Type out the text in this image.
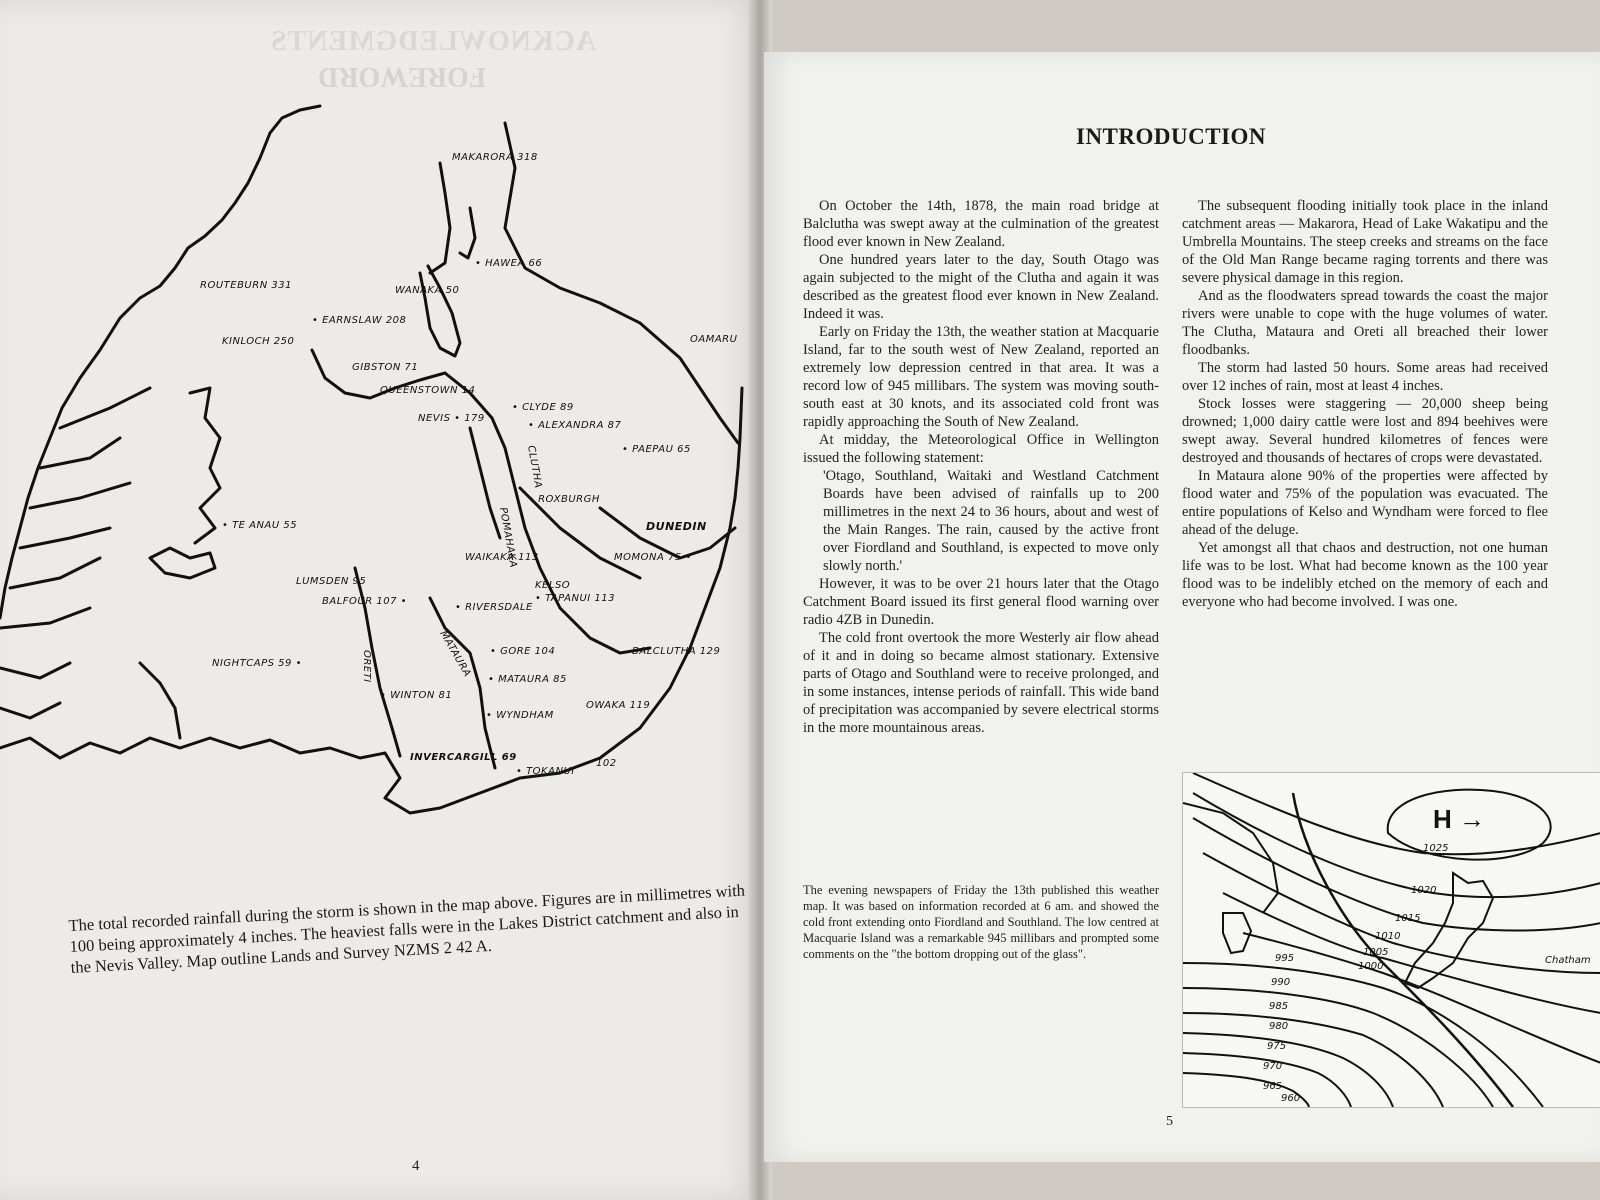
ACKNOWLEDGMENTS
FOREWORD
MAKARORA 318
• HAWEA 66
WANAKA 50
ROUTEBURN 331
• EARNSLAW 208
KINLOCH 250	OAMARU
GIBSTON 71
QUEENSTOWN 14
NEVIS • 179
• CLYDE 89
• ALEXANDRA 87
• PAEPAU 65
CLUTHA
• ROXBURGH
POMAHAKA
• TE ANAU 55	DUNEDIN
WAIKAKA 113	MOMONA 75 •
LUMSDEN 95	KELSO
• TAPANUI 113
BALFOUR 107 •
• RIVERSDALE
MATAURA • GORE 104	BALCLUTHA 129
NIGHTCAPS 59 •	ORETI	• MATAURA 85
• WINTON 81
OWAKA 119
• WYNDHAM
INVERCARGILL 69
• TOKANUI
102
The total recorded rainfall during the storm is shown in the map above. Figures are in millimetres with 100 being approximately 4 inches. The heaviest falls were in the Lakes District catchment and also in the Nevis Valley. Map outline Lands and Survey NZMS 2 42 A.
4
INTRODUCTION

On October the 14th, 1878, the main road bridge at Balclutha was swept away at the culmination of the greatest flood ever known in New Zealand.

One hundred years later to the day, South Otago was again subjected to the might of the Clutha and again it was described as the greatest flood ever known in New Zealand. Indeed it was.

Early on Friday the 13th, the weather station at Macquarie Island, far to the south west of New Zealand, reported an extremely low depression centred in that area. It was a record low of 945 millibars. The system was moving south-south east at 30 knots, and its associated cold front was rapidly approaching the South of New Zealand.

At midday, the Meteorological Office in Wellington issued the following statement:

'Otago, Southland, Waitaki and Westland Catchment Boards have been advised of rainfalls up to 200 millimetres in the next 24 to 36 hours, about and west of the Main Ranges. The rain, caused by the active front over Fiordland and Southland, is expected to move only slowly north.'

However, it was to be over 21 hours later that the Otago Catchment Board issued its first general flood warning over radio 4ZB in Dunedin.

The cold front overtook the more Westerly air flow ahead of it and in doing so became almost stationary. Extensive parts of Otago and Southland were to receive prolonged, and in some instances, intense periods of rainfall. This wide band of precipitation was accompanied by severe electrical storms in the more mountainous areas.

The subsequent flooding initially took place in the inland catchment areas — Makarora, Head of Lake Wakatipu and the Umbrella Mountains. The steep creeks and streams on the face of the Old Man Range became raging torrents and there was severe physical damage in this region.

And as the floodwaters spread towards the coast the major rivers were unable to cope with the huge volumes of water. The Clutha, Mataura and Oreti all breached their lower floodbanks.

The storm had lasted 50 hours. Some areas had received over 12 inches of rain, most at least 4 inches.

Stock losses were staggering — 20,000 sheep being drowned; 1,000 dairy cattle were lost and 894 beehives were swept away. Several hundred kilometres of fences were destroyed and thousands of hectares of crops were devastated.

In Mataura alone 90% of the properties were affected by flood water and 75% of the population was evacuated. The entire populations of Kelso and Wyndham were forced to flee ahead of the deluge.

Yet amongst all that chaos and destruction, not one human life was to be lost. What had become known as the 100 year flood was to be indelibly etched on the memory of each and everyone who had become involved. I was one.

The evening newspapers of Friday the 13th published this weather map. It was based on information recorded at 6 am. and showed the cold front extending onto Fiordland and Southland. The low centred at Macquarie Island was a remarkable 945 millibars and prompted some comments on the "the bottom dropping out of the glass".
H →
1025
1020
1015
1010
1005
1000
995
990
985
980
975
970
965
960
Chatham
5
